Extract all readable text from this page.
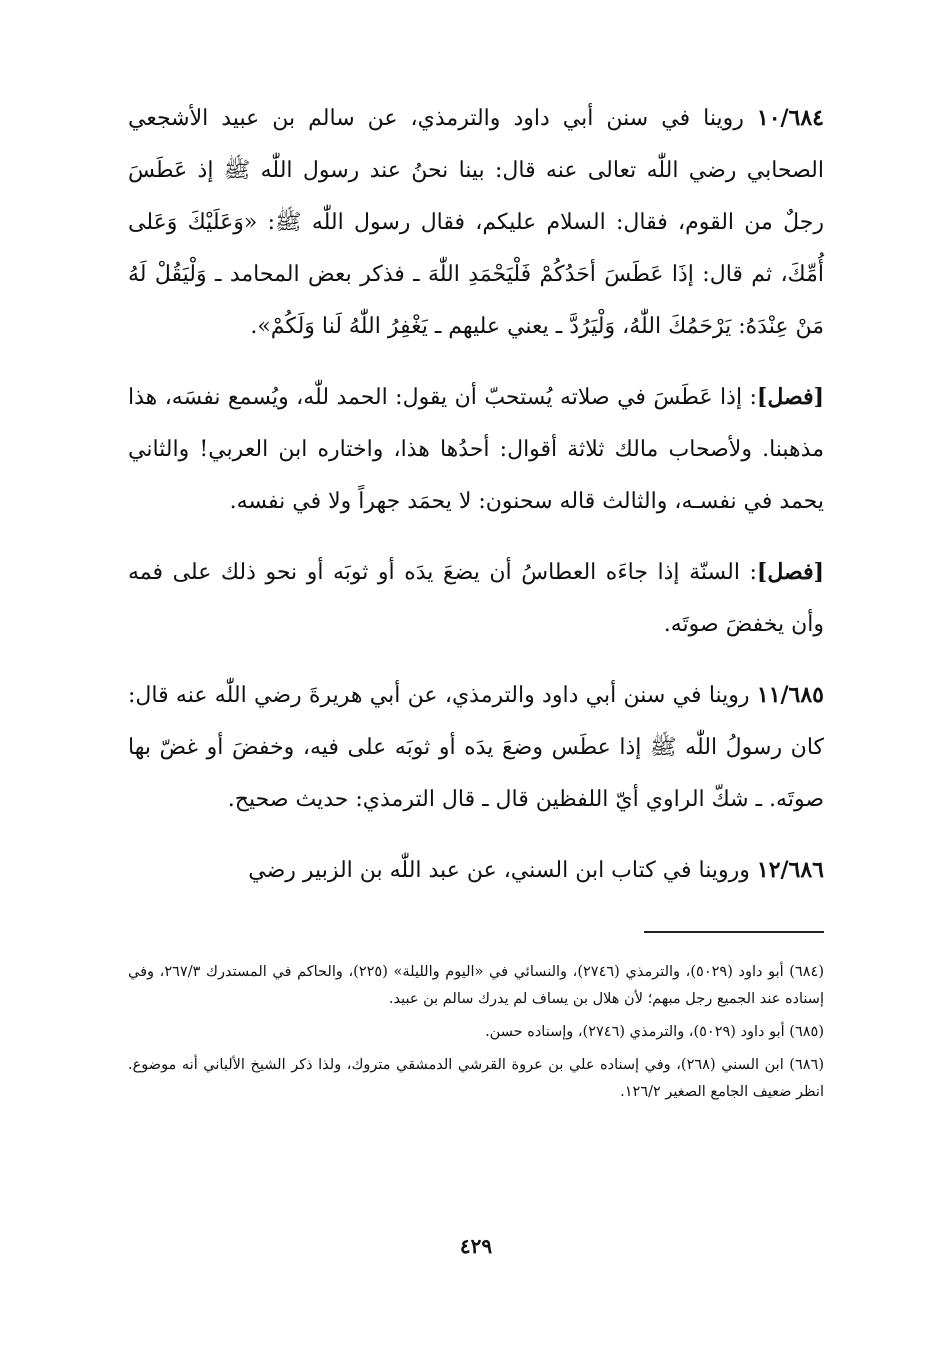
١٠/٦٨٤ روينا في سنن أبي داود والترمذي، عن سالم بن عبيد الأشجعي الصحابي رضي اللّٰه تعالى عنه قال: بينا نحنُ عند رسول اللّٰه ﷺ إذ عَطَسَ رجلٌ من القوم، فقال: السلام عليكم، فقال رسول اللّٰه ﷺ: «وَعَلَيْكَ وَعَلى أُمِّكَ، ثم قال: إذَا عَطَسَ أحَدُكُمْ فَلْيَحْمَدِ اللّٰهَ ـ فذكر بعض المحامد ـ وَلْيَقُلْ لَهُ مَنْ عِنْدَهُ: يَرْحَمُكَ اللّٰهُ، وَلْيَرُدَّ ـ يعني عليهم ـ يَغْفِرُ اللّٰهُ لَنا وَلَكُمْ».

[فصل]: إذا عَطَسَ في صلاته يُستحبّ أن يقول: الحمد للّٰه، ويُسمع نفسَه، هذا مذهبنا. ولأصحاب مالك ثلاثة أقوال: أحدُها هذا، واختاره ابن العربي! والثاني يحمد في نفسـه، والثالث قاله سحنون: لا يحمَد جهراً ولا في نفسه.

[فصل]: السنّة إذا جاءَه العطاسُ أن يضعَ يدَه أو ثوبَه أو نحو ذلك على فمه وأن يخفضَ صوتَه.

١١/٦٨٥ روينا في سنن أبي داود والترمذي، عن أبي هريرةَ رضي اللّٰه عنه قال: كان رسولُ اللّٰه ﷺ إذا عطَس وضعَ يدَه أو ثوبَه على فيه، وخفضَ أو غضّ بها صوتَه. ـ شكّ الراوي أيّ اللفظين قال ـ قال الترمذي: حديث صحيح.

١٢/٦٨٦ وروينا في كتاب ابن السني، عن عبد اللّٰه بن الزبير رضي

(٦٨٤) أبو داود (٥٠٢٩)، والترمذي (٢٧٤٦)، والنسائي في «اليوم والليلة» (٢٢٥)، والحاكم في المستدرك ٢٦٧/٣، وفي إسناده عند الجميع رجل مبهم؛ لأن هلال بن يساف لم يدرك سالم بن عبيد.

(٦٨٥) أبو داود (٥٠٢٩)، والترمذي (٢٧٤٦)، وإسناده حسن.

(٦٨٦) ابن السني (٢٦٨)، وفي إسناده علي بن عروة القرشي الدمشقي متروك، ولذا ذكر الشيخ الألباني أنه موضوع. انظر ضعيف الجامع الصغير ١٢٦/٢.

٤٢٩
